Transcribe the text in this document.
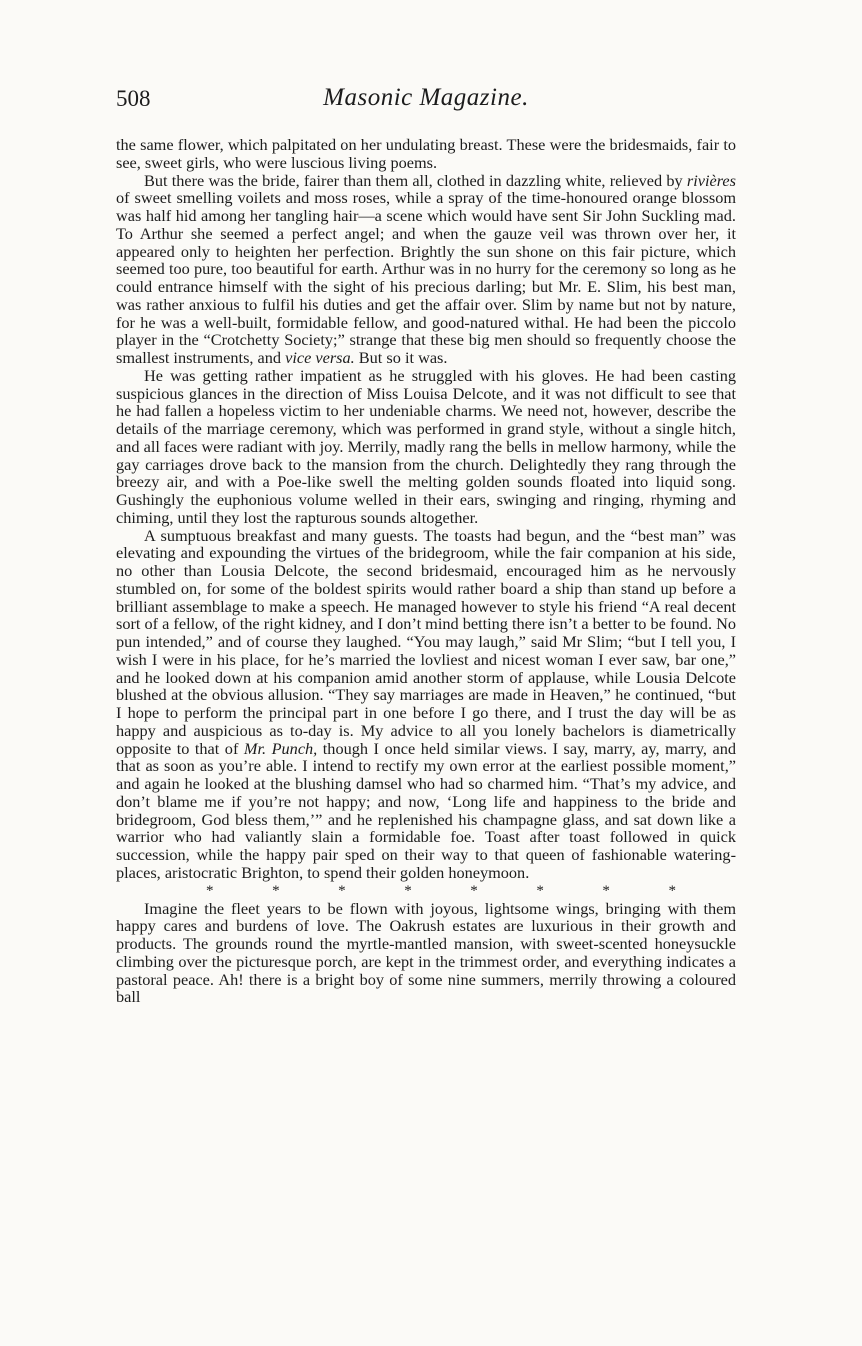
508	Masonic Magazine.

the same flower, which palpitated on her undulating breast. These were the bridesmaids, fair to see, sweet girls, who were luscious living poems.

But there was the bride, fairer than them all, clothed in dazzling white, relieved by rivières of sweet smelling voilets and moss roses, while a spray of the time-honoured orange blossom was half hid among her tangling hair—a scene which would have sent Sir John Suckling mad. To Arthur she seemed a perfect angel; and when the gauze veil was thrown over her, it appeared only to heighten her perfection. Brightly the sun shone on this fair picture, which seemed too pure, too beautiful for earth. Arthur was in no hurry for the ceremony so long as he could entrance himself with the sight of his precious darling; but Mr. E. Slim, his best man, was rather anxious to fulfil his duties and get the affair over. Slim by name but not by nature, for he was a well-built, formidable fellow, and good-natured withal. He had been the piccolo player in the “Crotchetty Society;” strange that these big men should so frequently choose the smallest instruments, and vice versa. But so it was.

He was getting rather impatient as he struggled with his gloves. He had been casting suspicious glances in the direction of Miss Louisa Delcote, and it was not difficult to see that he had fallen a hopeless victim to her undeniable charms. We need not, however, describe the details of the marriage ceremony, which was performed in grand style, without a single hitch, and all faces were radiant with joy. Merrily, madly rang the bells in mellow harmony, while the gay carriages drove back to the mansion from the church. Delightedly they rang through the breezy air, and with a Poe-like swell the melting golden sounds floated into liquid song. Gushingly the euphonious volume welled in their ears, swinging and ringing, rhyming and chiming, until they lost the rapturous sounds altogether.

A sumptuous breakfast and many guests. The toasts had begun, and the “best man” was elevating and expounding the virtues of the bridegroom, while the fair companion at his side, no other than Lousia Delcote, the second bridesmaid, encouraged him as he nervously stumbled on, for some of the boldest spirits would rather board a ship than stand up before a brilliant assemblage to make a speech. He managed however to style his friend “A real decent sort of a fellow, of the right kidney, and I don’t mind betting there isn’t a better to be found. No pun intended,” and of course they laughed. “You may laugh,” said Mr Slim; “but I tell you, I wish I were in his place, for he’s married the lovliest and nicest woman I ever saw, bar one,” and he looked down at his companion amid another storm of applause, while Lousia Delcote blushed at the obvious allusion. “They say marriages are made in Heaven,” he continued, “but I hope to perform the principal part in one before I go there, and I trust the day will be as happy and auspicious as to-day is. My advice to all you lonely bachelors is diametrically opposite to that of Mr. Punch, though I once held similar views. I say, marry, ay, marry, and that as soon as you’re able. I intend to rectify my own error at the earliest possible moment,” and again he looked at the blushing damsel who had so charmed him. “That’s my advice, and don’t blame me if you’re not happy; and now, ‘Long life and happiness to the bride and bridegroom, God bless them,’” and he replenished his champagne glass, and sat down like a warrior who had valiantly slain a formidable foe. Toast after toast followed in quick succession, while the happy pair sped on their way to that queen of fashionable watering-places, aristocratic Brighton, to spend their golden honeymoon.

*	*	*	*	*	*	*	*

Imagine the fleet years to be flown with joyous, lightsome wings, bringing with them happy cares and burdens of love. The Oakrush estates are luxurious in their growth and products. The grounds round the myrtle-mantled mansion, with sweet-scented honeysuckle climbing over the picturesque porch, are kept in the trimmest order, and everything indicates a pastoral peace. Ah! there is a bright boy of some nine summers, merrily throwing a coloured ball
